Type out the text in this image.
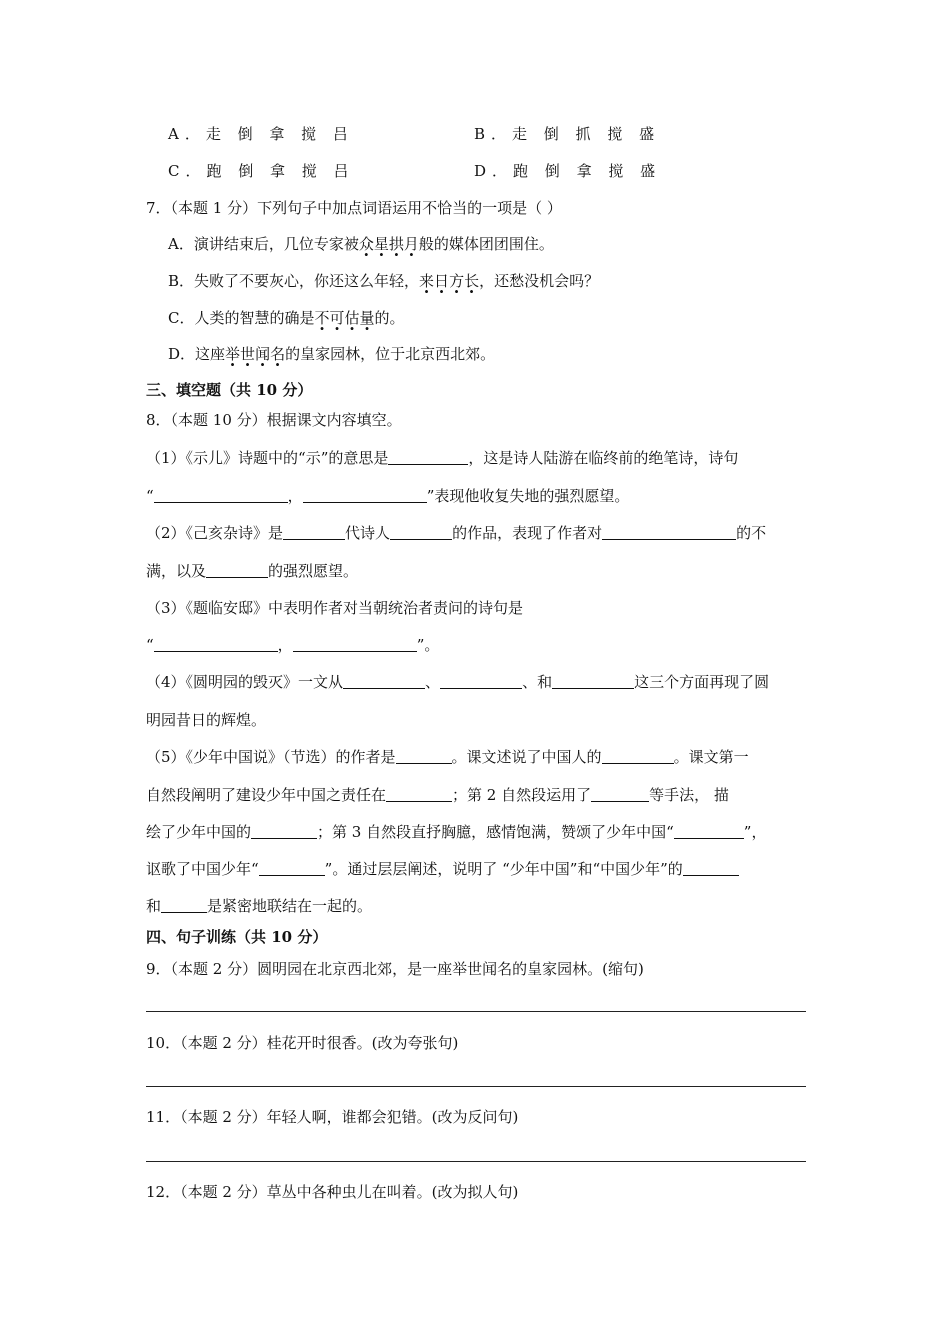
A．走 倒 拿 搅 吕	B．走 倒 抓 搅 盛
C．跑 倒 拿 搅 吕	D．跑 倒 拿 搅 盛
7．（本题 1 分）下列句子中加点词语运用不恰当的一项是（ ）
A．演讲结束后，几位专家被众星拱月般的媒体团团围住。
B．失败了不要灰心，你还这么年轻，来日方长，还愁没机会吗？
C．人类的智慧的确是不可估量的。
D．这座举世闻名的皇家园林，位于北京西北郊。
三、填空题（共 10 分）
8．（本题 10 分）根据课文内容填空。
（1）《示儿》诗题中的“示”的意思是	，这是诗人陆游在临终前的绝笔诗，诗句
“	，	”表现他收复失地的强烈愿望。
（2）《己亥杂诗》是	代诗人	的作品，表现了作者对	的不
满，以及	的强烈愿望。
（3）《题临安邸》中表明作者对当朝统治者责问的诗句是
“	，	”。
（4）《圆明园的毁灭》一文从	、	、和	这三个方面再现了圆
明园昔日的辉煌。
（5）《少年中国说》（节选）的作者是	。课文述说了中国人的	。课文第一
自然段阐明了建设少年中国之责任在	；第 2 自然段运用了	等手法， 描
绘了少年中国的	；第 3 自然段直抒胸臆，感情饱满，赞颂了少年中国“	”，
讴歌了中国少年“	”。通过层层阐述，说明了 “少年中国”和“中国少年”的
和	是紧密地联结在一起的。
四、句子训练（共 10 分）
9．（本题 2 分）圆明园在北京西北郊，是一座举世闻名的皇家园林。(缩句)
10．（本题 2 分）桂花开时很香。(改为夸张句)
11．（本题 2 分）年轻人啊，谁都会犯错。(改为反问句)
12．（本题 2 分）草丛中各种虫儿在叫着。(改为拟人句)
